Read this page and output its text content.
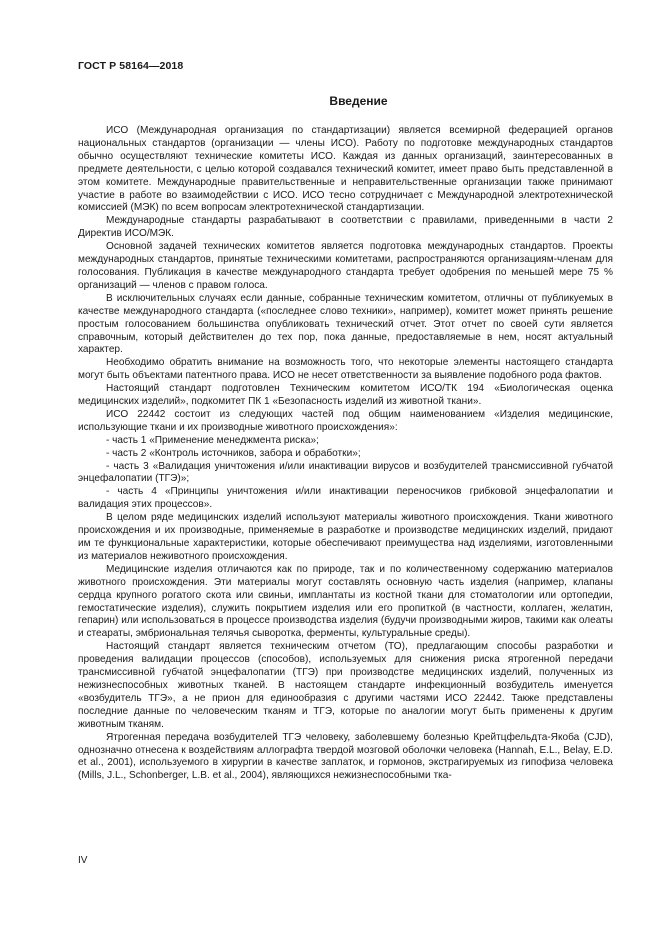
ГОСТ Р 58164—2018
Введение

ИСО (Международная организация по стандартизации) является всемирной федерацией органов национальных стандартов (организации — члены ИСО). Работу по подготовке международных стандартов обычно осуществляют технические комитеты ИСО. Каждая из данных организаций, заинтересованных в предмете деятельности, с целью которой создавался технический комитет, имеет право быть представленной в этом комитете. Международные правительственные и неправительственные организации также принимают участие в работе во взаимодействии с ИСО. ИСО тесно сотрудничает с Международной электротехнической комиссией (МЭК) по всем вопросам электротехнической стандартизации.

Международные стандарты разрабатывают в соответствии с правилами, приведенными в части 2 Директив ИСО/МЭК.

Основной задачей технических комитетов является подготовка международных стандартов. Проекты международных стандартов, принятые техническими комитетами, распространяются организациям-членам для голосования. Публикация в качестве международного стандарта требует одобрения по меньшей мере 75 % организаций — членов с правом голоса.

В исключительных случаях если данные, собранные техническим комитетом, отличны от публикуемых в качестве международного стандарта («последнее слово техники», например), комитет может принять решение простым голосованием большинства опубликовать технический отчет. Этот отчет по своей сути является справочным, который действителен до тех пор, пока данные, предоставляемые в нем, носят актуальный характер.

Необходимо обратить внимание на возможность того, что некоторые элементы настоящего стандарта могут быть объектами патентного права. ИСО не несет ответственности за выявление подобного рода фактов.

Настоящий стандарт подготовлен Техническим комитетом ИСО/ТК 194 «Биологическая оценка медицинских изделий», подкомитет ПК 1 «Безопасность изделий из животной ткани».

ИСО 22442 состоит из следующих частей под общим наименованием «Изделия медицинские, использующие ткани и их производные животного происхождения»:

- часть 1 «Применение менеджмента риска»;

- часть 2 «Контроль источников, забора и обработки»;

- часть 3 «Валидация уничтожения и/или инактивации вирусов и возбудителей трансмиссивной губчатой энцефалопатии (ТГЭ)»;

- часть 4 «Принципы уничтожения и/или инактивации переносчиков грибковой энцефалопатии и валидация этих процессов».

В целом ряде медицинских изделий используют материалы животного происхождения. Ткани животного происхождения и их производные, применяемые в разработке и производстве медицинских изделий, придают им те функциональные характеристики, которые обеспечивают преимущества над изделиями, изготовленными из материалов неживотного происхождения.

Медицинские изделия отличаются как по природе, так и по количественному содержанию материалов животного происхождения. Эти материалы могут составлять основную часть изделия (например, клапаны сердца крупного рогатого скота или свиньи, имплантаты из костной ткани для стоматологии или ортопедии, гемостатические изделия), служить покрытием изделия или его пропиткой (в частности, коллаген, желатин, гепарин) или использоваться в процессе производства изделия (будучи производными жиров, такими как олеаты и стеараты, эмбриональная телячья сыворотка, ферменты, культуральные среды).

Настоящий стандарт является техническим отчетом (ТО), предлагающим способы разработки и проведения валидации процессов (способов), используемых для снижения риска ятрогенной передачи трансмиссивной губчатой энцефалопатии (ТГЭ) при производстве медицинских изделий, полученных из нежизнеспособных животных тканей. В настоящем стандарте инфекционный возбудитель именуется «возбудитель ТГЭ», а не прион для единообразия с другими частями ИСО 22442. Также представлены последние данные по человеческим тканям и ТГЭ, которые по аналогии могут быть применены к другим животным тканям.

Ятрогенная передача возбудителей ТГЭ человеку, заболевшему болезнью Крейтцфельдта-Якоба (CJD), однозначно отнесена к воздействиям аллографта твердой мозговой оболочки человека (Hannah, E.L., Belay, E.D. et al., 2001), используемого в хирургии в качестве заплаток, и гормонов, экстрагируемых из гипофиза человека (Mills, J.L., Schonberger, L.B. et al., 2004), являющихся нежизнеспособными тка-

IV
